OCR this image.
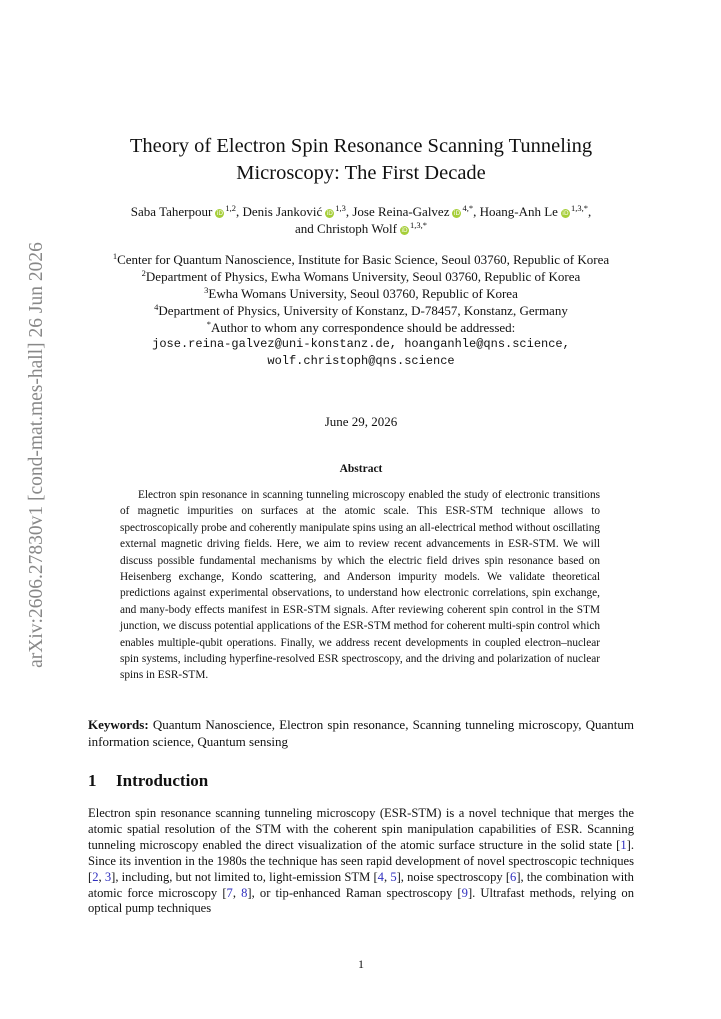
arXiv:2606.27830v1 [cond-mat.mes-hall] 26 Jun 2026
Theory of Electron Spin Resonance Scanning Tunneling
Microscopy: The First Decade
Saba Taherpour iD$^{1,2}$, Denis Janković iD$^{1,3}$, Jose Reina-Galvez $iD^{4,*}$, Hoang-Anh Le $iD^{1,3,*}$,
and Christoph Wolf $iD^{1,3,*}$
$^1$Center for Quantum Nanoscience, Institute for Basic Science, Seoul 03760, Republic of Korea
$^2$Department of Physics, Ewha Womans University, Seoul 03760, Republic of Korea
$^3$Ewha Womans University, Seoul 03760, Republic of Korea
$^4$Department of Physics, University of Konstanz, D-78457, Konstanz, Germany
*Author to whom any correspondence should be addressed:
jose.reina-galvez@uni-konstanz.de, hoanganhle@qns.science,
wolf.christoph@qns.science
June 29, 2026
Abstract
Electron spin resonance in scanning tunneling microscopy enabled the study of electronic transitions of magnetic impurities on surfaces at the atomic scale. This ESR-STM technique allows to spectroscopically probe and coherently manipulate spins using an all-electrical method without oscillating external magnetic driving fields. Here, we aim to review recent advancements in ESR-STM. We will discuss possible fundamental mechanisms by which the electric field drives spin resonance based on Heisenberg exchange, Kondo scattering, and Anderson impurity models. We validate theoretical predictions against experimental observations, to understand how electronic correlations, spin exchange, and many-body effects manifest in ESR-STM signals. After reviewing coherent spin control in the STM junction, we discuss potential applications of the ESR-STM method for coherent multi-spin control which enables multiple-qubit operations. Finally, we address recent developments in coupled electron–nuclear spin systems, including hyperfine-resolved ESR spectroscopy, and the driving and polarization of nuclear spins in ESR-STM.
Keywords: Quantum Nanoscience, Electron spin resonance, Scanning tunneling microscopy, Quantum information science, Quantum sensing
1 Introduction
Electron spin resonance scanning tunneling microscopy (ESR-STM) is a novel technique that merges the atomic spatial resolution of the STM with the coherent spin manipulation capabilities of ESR. Scanning tunneling microscopy enabled the direct visualization of the atomic surface structure in the solid state [1]. Since its invention in the 1980s the technique has seen rapid development of novel spectroscopic techniques [2, 3], including, but not limited to, light-emission STM [4, 5], noise spectroscopy [6], the combination with atomic force microscopy [7, 8], or tip-enhanced Raman spectroscopy [9]. Ultrafast methods, relying on optical pump techniques
1
